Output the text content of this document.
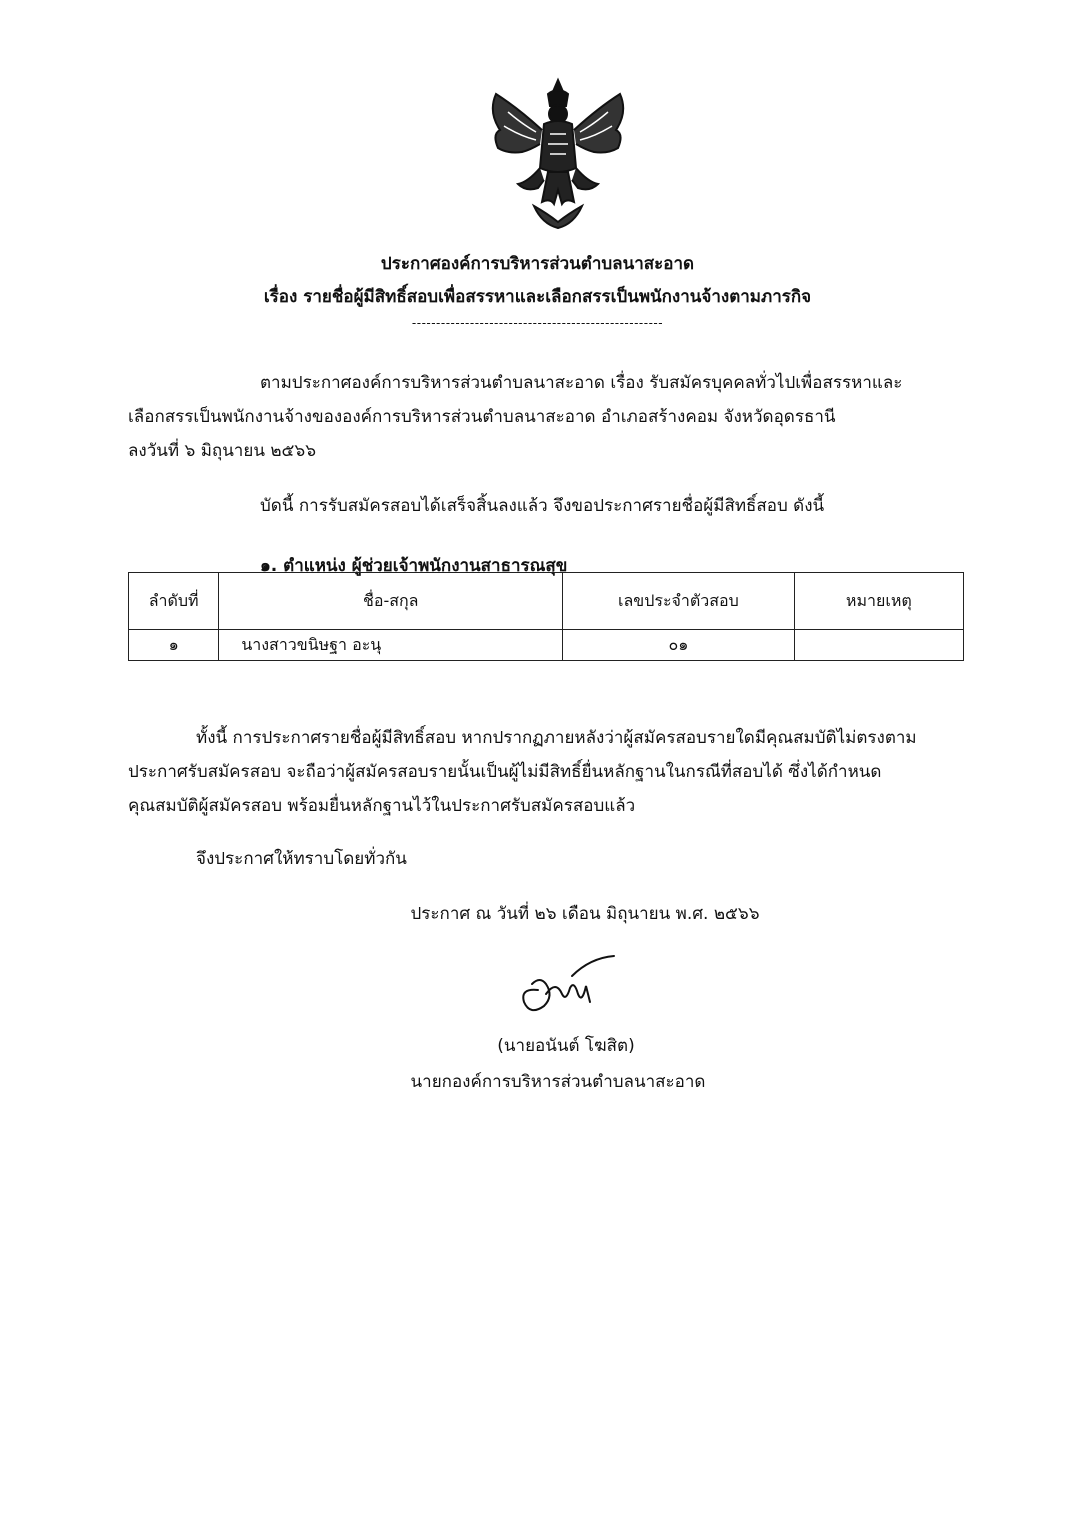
ประกาศองค์การบริหารส่วนตำบลนาสะอาด
เรื่อง รายชื่อผู้มีสิทธิ์สอบเพื่อสรรหาและเลือกสรรเป็นพนักงานจ้างตามภารกิจ
----------------------------------------------------
ตามประกาศองค์การบริหารส่วนตำบลนาสะอาด เรื่อง รับสมัครบุคคลทั่วไปเพื่อสรรหาและ
เลือกสรรเป็นพนักงานจ้างขององค์การบริหารส่วนตำบลนาสะอาด อำเภอสร้างคอม จังหวัดอุดรธานี
ลงวันที่ ๖ มิถุนายน ๒๕๖๖
บัดนี้ การรับสมัครสอบได้เสร็จสิ้นลงแล้ว จึงขอประกาศรายชื่อผู้มีสิทธิ์สอบ ดังนี้
๑. ตำแหน่ง ผู้ช่วยเจ้าพนักงานสาธารณสุข
ลำดับที่	ชื่อ-สกุล	เลขประจำตัวสอบ	หมายเหตุ
๑	นางสาวขนิษฐา อะนุ	๐๑	
ทั้งนี้ การประกาศรายชื่อผู้มีสิทธิ์สอบ หากปรากฏภายหลังว่าผู้สมัครสอบรายใดมีคุณสมบัติไม่ตรงตาม
ประกาศรับสมัครสอบ จะถือว่าผู้สมัครสอบรายนั้นเป็นผู้ไม่มีสิทธิ์ยื่นหลักฐานในกรณีที่สอบได้ ซึ่งได้กำหนด
คุณสมบัติผู้สมัครสอบ พร้อมยื่นหลักฐานไว้ในประกาศรับสมัครสอบแล้ว
จึงประกาศให้ทราบโดยทั่วกัน
ประกาศ ณ วันที่ ๒๖ เดือน มิถุนายน พ.ศ. ๒๕๖๖
(นายอนันต์ โฆสิต)
นายกองค์การบริหารส่วนตำบลนาสะอาด
